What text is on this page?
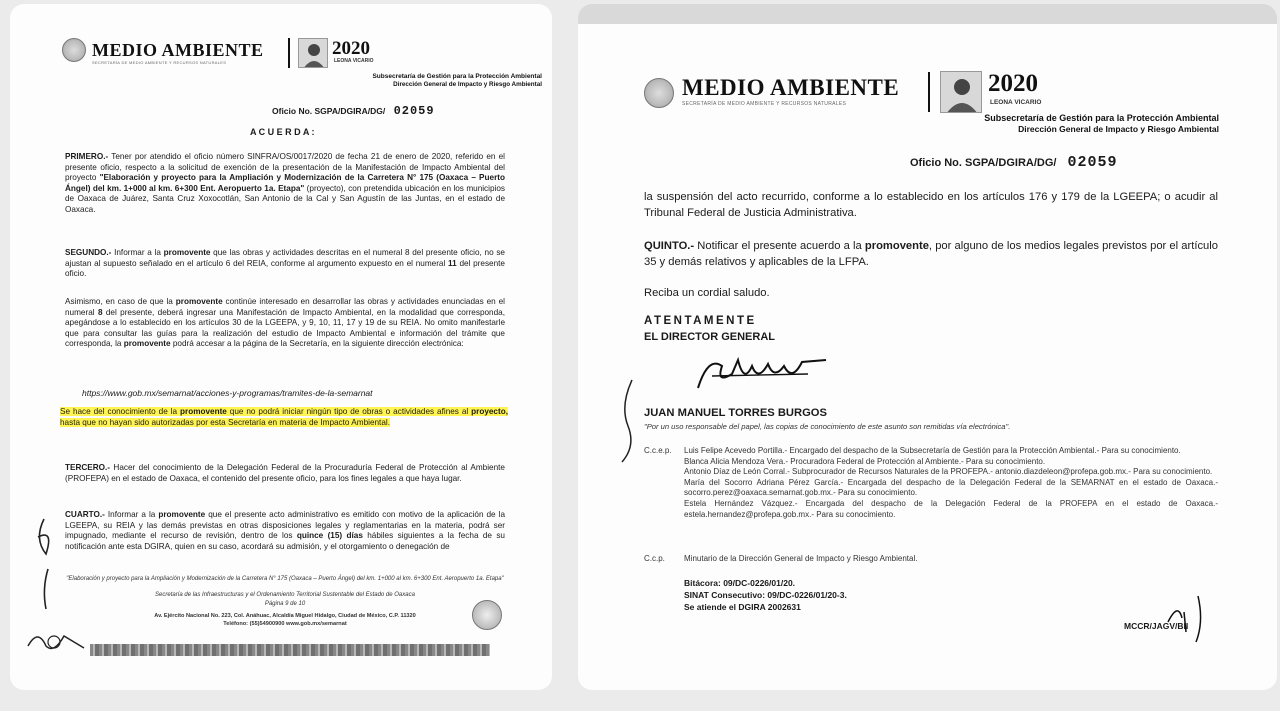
MEDIO AMBIENTE
SECRETARÍA DE MEDIO AMBIENTE Y RECURSOS NATURALES
2020
LEONA VICARIO
Subsecretaría de Gestión para la Protección Ambiental
Dirección General de Impacto y Riesgo Ambiental
Oficio No. SGPA/DGIRA/DG/ 02059
A C U E R D A :
PRIMERO.- Tener por atendido el oficio número SINFRA/OS/0017/2020 de fecha 21 de enero de 2020, referido en el presente oficio, respecto a la solicitud de exención de la presentación de la Manifestación de Impacto Ambiental del proyecto "Elaboración y proyecto para la Ampliación y Modernización de la Carretera N° 175 (Oaxaca – Puerto Ángel) del km. 1+000 al km. 6+300 Ent. Aeropuerto 1a. Etapa" (proyecto), con pretendida ubicación en los municipios de Oaxaca de Juárez, Santa Cruz Xoxocotlán, San Antonio de la Cal y San Agustín de las Juntas, en el estado de Oaxaca.
SEGUNDO.- Informar a la promovente que las obras y actividades descritas en el numeral 8 del presente oficio, no se ajustan al supuesto señalado en el artículo 6 del REIA, conforme al argumento expuesto en el numeral 11 del presente oficio.
Asimismo, en caso de que la promovente continúe interesado en desarrollar las obras y actividades enunciadas en el numeral 8 del presente, deberá ingresar una Manifestación de Impacto Ambiental, en la modalidad que corresponda, apegándose a lo establecido en los artículos 30 de la LGEEPA, y 9, 10, 11, 17 y 19 de su REIA. No omito manifestarle que para consultar las guías para la realización del estudio de Impacto Ambiental e información del trámite que corresponda, la promovente podrá accesar a la página de la Secretaría, en la siguiente dirección electrónica:
https://www.gob.mx/semarnat/acciones-y-programas/tramites-de-la-semarnat
Se hace del conocimiento de la promovente que no podrá iniciar ningún tipo de obras o actividades afines al proyecto, hasta que no hayan sido autorizadas por esta Secretaría en materia de Impacto Ambiental.
TERCERO.- Hacer del conocimiento de la Delegación Federal de la Procuraduría Federal de Protección al Ambiente (PROFEPA) en el estado de Oaxaca, el contenido del presente oficio, para los fines legales a que haya lugar.
CUARTO.- Informar a la promovente que el presente acto administrativo es emitido con motivo de la aplicación de la LGEEPA, su REIA y las demás previstas en otras disposiciones legales y reglamentarias en la materia, podrá ser impugnado, mediante el recurso de revisión, dentro de los quince (15) días hábiles siguientes a la fecha de su notificación ante esta DGIRA, quien en su caso, acordará su admisión, y el otorgamiento o denegación de
"Elaboración y proyecto para la Ampliación y Modernización de la Carretera N° 175 (Oaxaca – Puerto Ángel) del km. 1+000 al km. 6+300 Ent. Aeropuerto 1a. Etapa"
Secretaría de las Infraestructuras y el Ordenamiento Territorial Sustentable del Estado de Oaxaca
Página 9 de 10
Av. Ejército Nacional No. 223, Col. Anáhuac, Alcaldía Miguel Hidalgo, Ciudad de México, C.P. 11320
Teléfono: (55)54900900 www.gob.mx/semarnat
MEDIO AMBIENTE
SECRETARÍA DE MEDIO AMBIENTE Y RECURSOS NATURALES
2020
LEONA VICARIO
Subsecretaría de Gestión para la Protección Ambiental
Dirección General de Impacto y Riesgo Ambiental
Oficio No. SGPA/DGIRA/DG/ 02059
la suspensión del acto recurrido, conforme a lo establecido en los artículos 176 y 179 de la LGEEPA; o acudir al Tribunal Federal de Justicia Administrativa.
QUINTO.- Notificar el presente acuerdo a la promovente, por alguno de los medios legales previstos por el artículo 35 y demás relativos y aplicables de la LFPA.
Reciba un cordial saludo.
ATENTAMENTE
EL DIRECTOR GENERAL
JUAN MANUEL TORRES BURGOS
"Por un uso responsable del papel, las copias de conocimiento de este asunto son remitidas vía electrónica".
C.c.e.p. Luis Felipe Acevedo Portilla.- Encargado del despacho de la Subsecretaría de Gestión para la Protección Ambiental.- Para su conocimiento.
Blanca Alicia Mendoza Vera.- Procuradora Federal de Protección al Ambiente.- Para su conocimiento.
Antonio Díaz de León Corral.- Subprocurador de Recursos Naturales de la PROFEPA.- antonio.diazdeleon@profepa.gob.mx.- Para su conocimiento.
María del Socorro Adriana Pérez García.- Encargada del despacho de la Delegación Federal de la SEMARNAT en el estado de Oaxaca.- socorro.perez@oaxaca.semarnat.gob.mx.- Para su conocimiento.
Estela Hernández Vázquez.- Encargada del despacho de la Delegación Federal de la PROFEPA en el estado de Oaxaca.- estela.hernandez@profepa.gob.mx.- Para su conocimiento.
C.c.p. Minutario de la Dirección General de Impacto y Riesgo Ambiental.
Bitácora: 09/DC-0226/01/20.
SINAT Consecutivo: 09/DC-0226/01/20-3.
Se atiende el DGIRA 2002631
MCCR/JAGV/BII
